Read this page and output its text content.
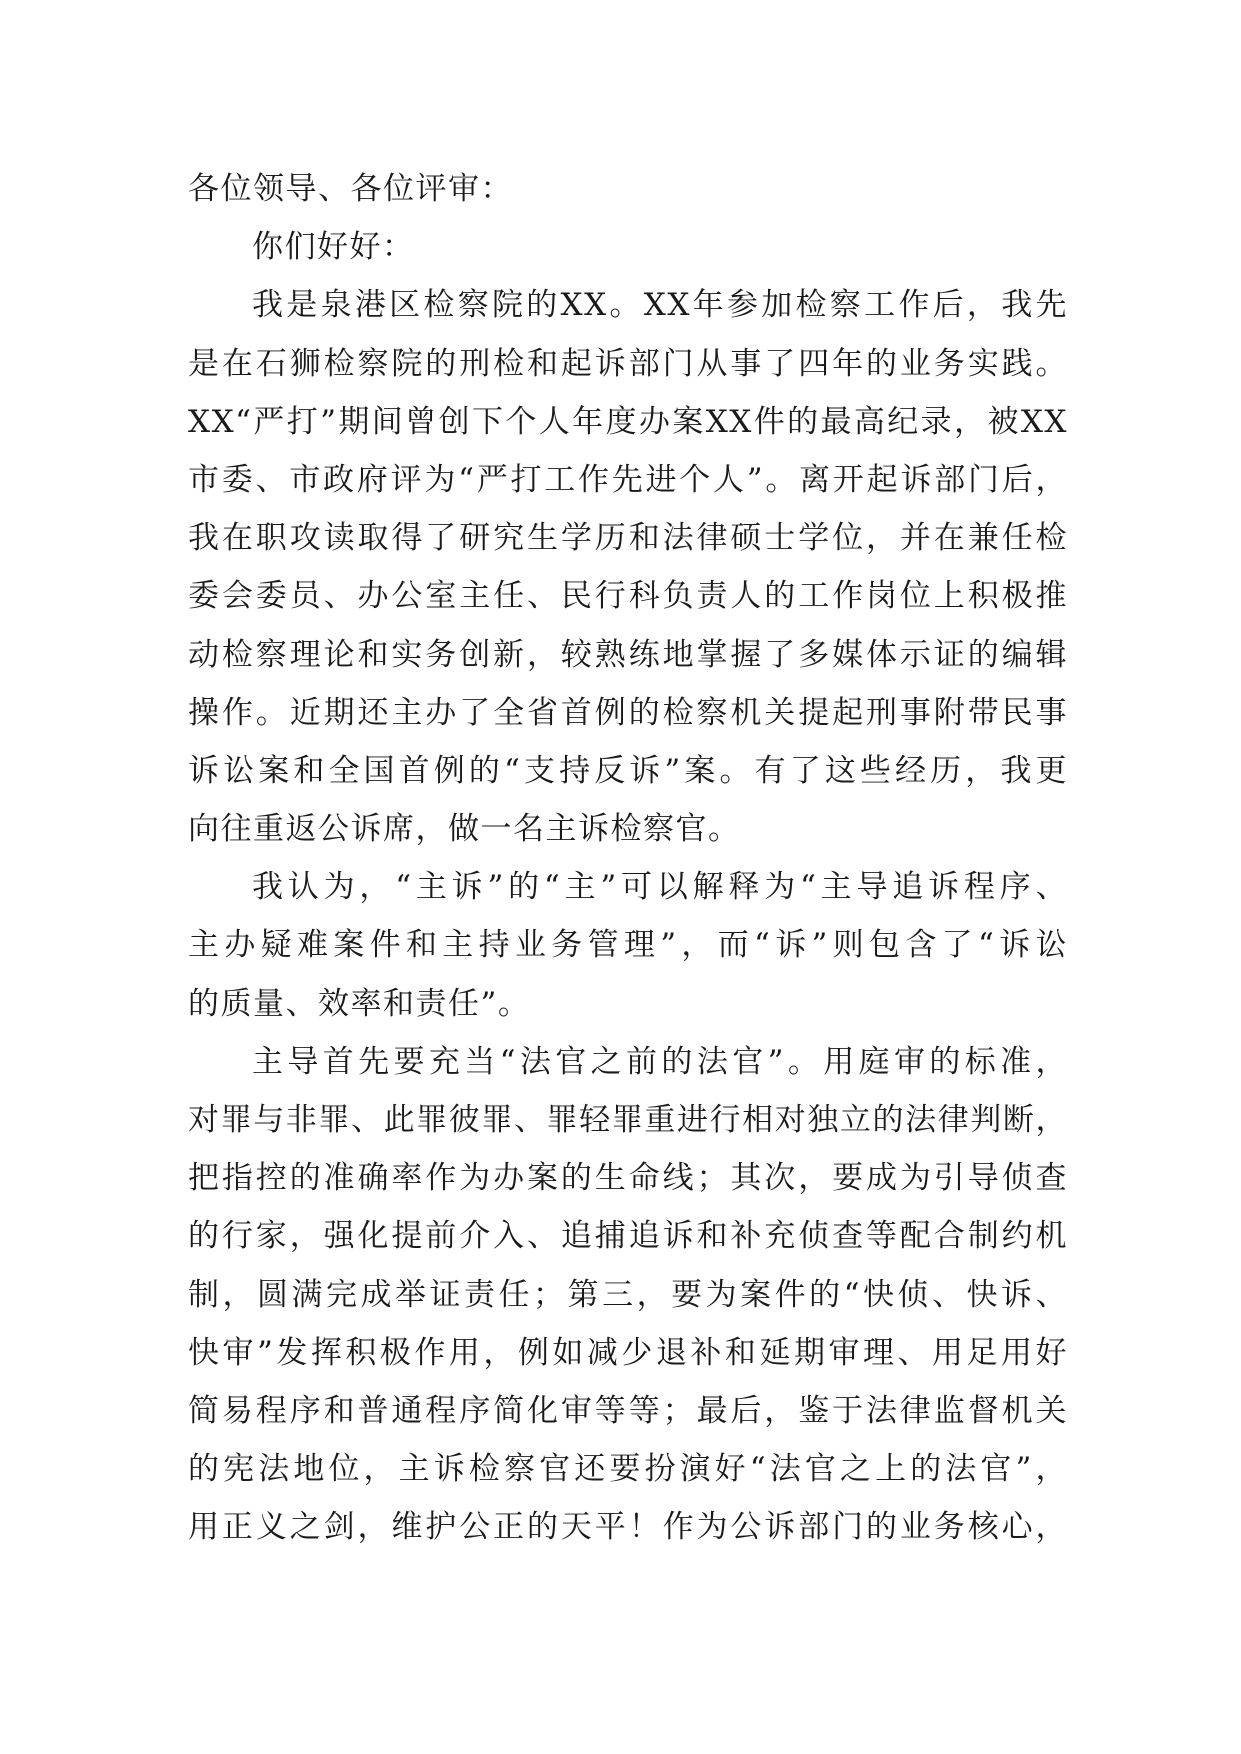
各位领导、各位评审：
你们好好：
我是泉港区检察院的XX。XX年参加检察工作后，我先
是在石狮检察院的刑检和起诉部门从事了四年的业务实践。
XX“严打”期间曾创下个人年度办案XX件的最高纪录，被XX
市委、市政府评为“严打工作先进个人”。离开起诉部门后，
我在职攻读取得了研究生学历和法律硕士学位，并在兼任检
委会委员、办公室主任、民行科负责人的工作岗位上积极推
动检察理论和实务创新，较熟练地掌握了多媒体示证的编辑
操作。近期还主办了全省首例的检察机关提起刑事附带民事
诉讼案和全国首例的“支持反诉”案。有了这些经历，我更
向往重返公诉席，做一名主诉检察官。
我认为，“主诉”的“主”可以解释为“主导追诉程序、
主办疑难案件和主持业务管理”，而“诉”则包含了“诉讼
的质量、效率和责任”。
主导首先要充当“法官之前的法官”。用庭审的标准，
对罪与非罪、此罪彼罪、罪轻罪重进行相对独立的法律判断，
把指控的准确率作为办案的生命线；其次，要成为引导侦查
的行家，强化提前介入、追捕追诉和补充侦查等配合制约机
制，圆满完成举证责任；第三，要为案件的“快侦、快诉、
快审”发挥积极作用，例如减少退补和延期审理、用足用好
简易程序和普通程序简化审等等；最后，鉴于法律监督机关
的宪法地位，主诉检察官还要扮演好“法官之上的法官”，
用正义之剑，维护公正的天平！作为公诉部门的业务核心，
